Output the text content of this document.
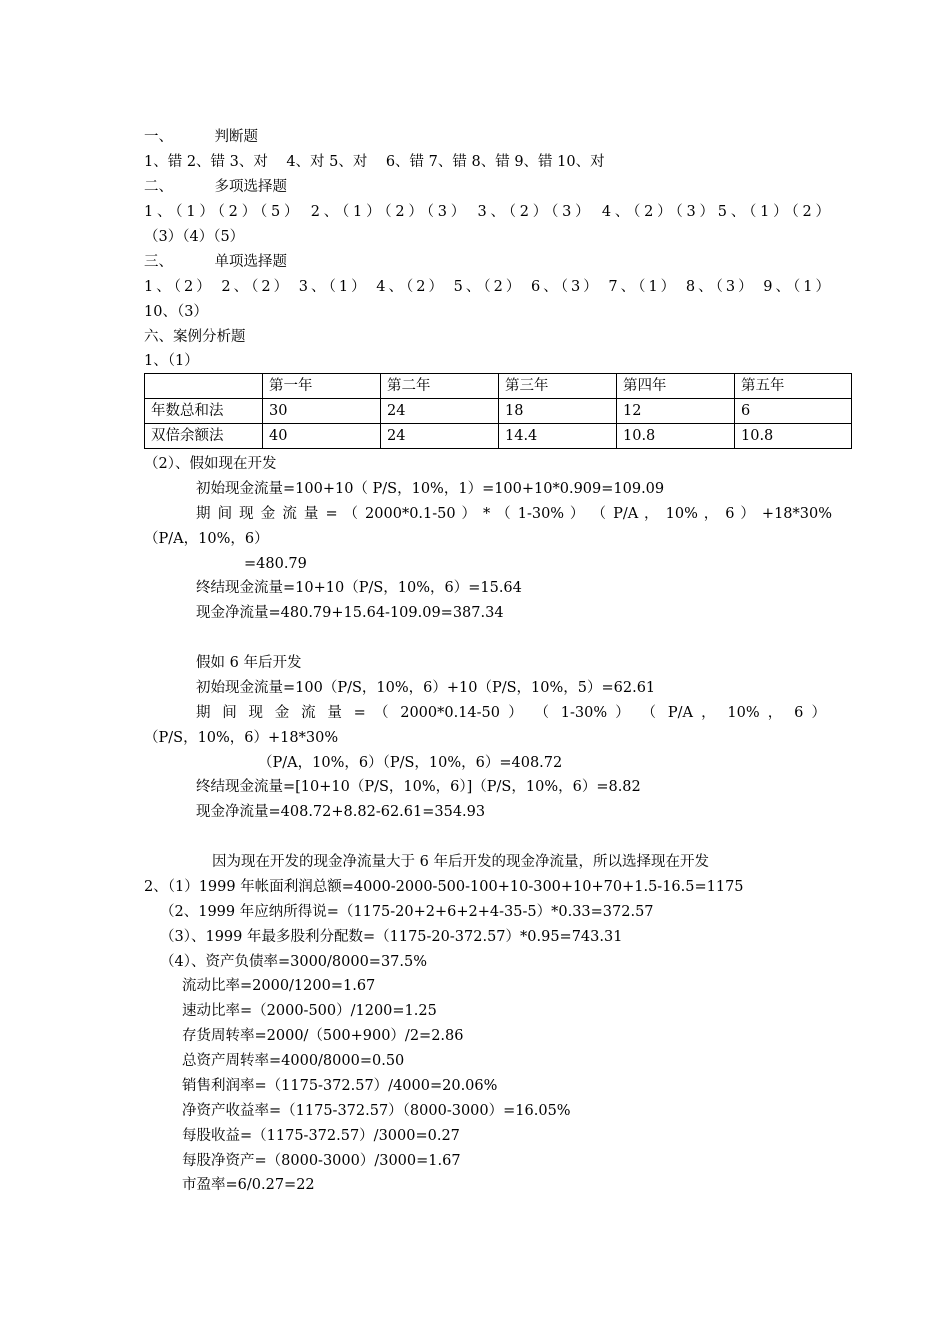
一、         判断题
1、错 2、错 3、对    4、对 5、对    6、错 7、错 8、错 9、错 10、对
二、         多项选择题
1、（1）（2）（5） 2、（1）（2）（3） 3、（2）（3） 4、（2）（3）5、（1）（2）
（3）（4）（5）
三、         单项选择题
1、（2） 2、（2） 3、（1） 4、（2） 5、（2） 6、（3） 7、（1） 8、（3） 9、（1）
10、（3）
六、案例分析题
1、（1）
	第一年	第二年	第三年	第四年	第五年
年数总和法	30	24	18	12	6
双倍余额法	40	24	14.4	10.8	10.8
（2）、假如现在开发
初始现金流量=100+10（ P/S，10%，1）=100+10*0.909=109.09
期 间 现 金 流 量 = （ 2000*0.1-50 ） * （ 1-30% ） （ P/A ， 10% ， 6 ） +18*30%
（P/A，10%，6）
=480.79
终结现金流量=10+10（P/S，10%，6）=15.64
现金净流量=480.79+15.64-109.09=387.34
假如 6 年后开发
初始现金流量=100（P/S，10%，6）+10（P/S，10%，5）=62.61
期 间 现 金 流 量 = （ 2000*0.14-50 ） （ 1-30% ） （ P/A ， 10% ， 6 ）
（P/S，10%，6）+18*30%
（P/A，10%，6）（P/S，10%，6）=408.72
终结现金流量=[10+10（P/S，10%，6）]（P/S，10%，6）=8.82
现金净流量=408.72+8.82-62.61=354.93
因为现在开发的现金净流量大于 6 年后开发的现金净流量，所以选择现在开发
2、（1）1999 年帐面利润总额=4000-2000-500-100+10-300+10+70+1.5-16.5=1175
（2、1999 年应纳所得说=（1175-20+2+6+2+4-35-5）*0.33=372.57
（3）、1999 年最多股利分配数=（1175-20-372.57）*0.95=743.31
（4）、资产负债率=3000/8000=37.5%
流动比率=2000/1200=1.67
速动比率=（2000-500）/1200=1.25
存货周转率=2000/（500+900）/2=2.86
总资产周转率=4000/8000=0.50
销售利润率=（1175-372.57）/4000=20.06%
净资产收益率=（1175-372.57）（8000-3000）=16.05%
每股收益=（1175-372.57）/3000=0.27
每股净资产=（8000-3000）/3000=1.67
市盈率=6/0.27=22
